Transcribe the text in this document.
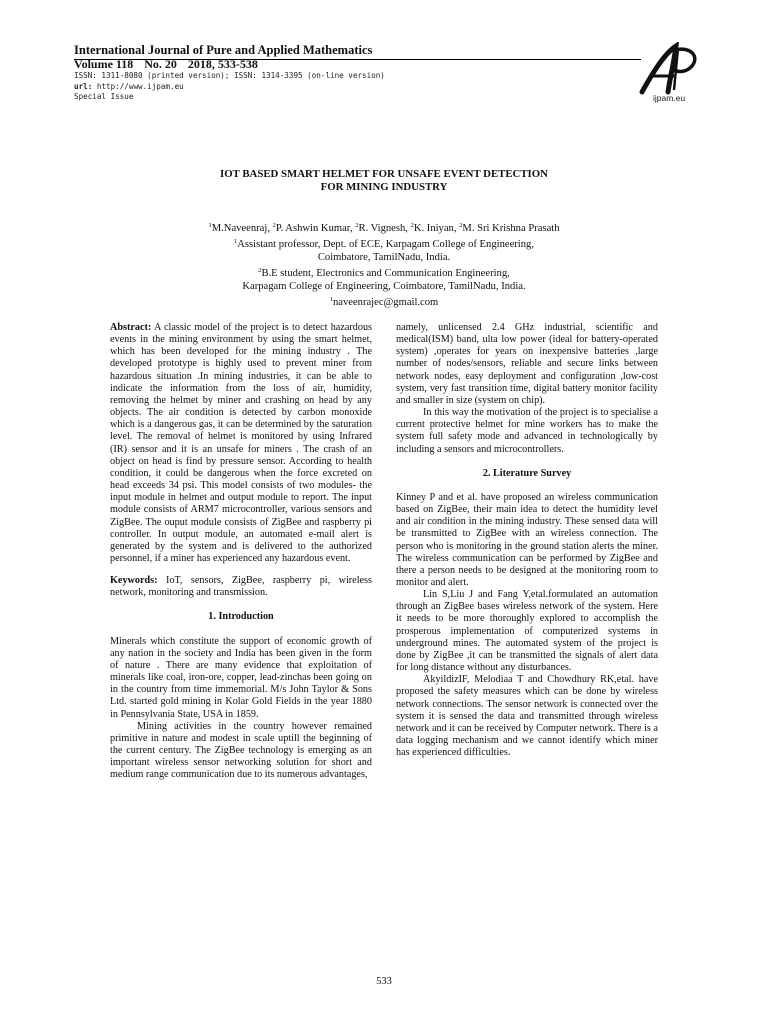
International Journal of Pure and Applied Mathematics
Volume 118 No. 20 2018, 533-538
ISSN: 1311-8080 (printed version); ISSN: 1314-3395 (on-line version)
url: http://www.ijpam.eu
Special Issue	ijpam.eu
IOT BASED SMART HELMET FOR UNSAFE EVENT DETECTION
FOR MINING INDUSTRY
$^1$M.Naveenraj, $^2$P. Ashwin Kumar, $^2$R. Vignesh, $^2$K. Iniyan, $^2$M. Sri Krishna Prasath
$^1$Assistant professor, Dept. of ECE, Karpagam College of Engineering,
Coimbatore, TamilNadu, India.
$^2$B.E student, Electronics and Communication Engineering,
Karpagam College of Engineering, Coimbatore, TamilNadu, India.
$^1$naveenrajec@gmail.com

Abstract: A classic model of the project is to detect hazardous events in the mining environment by using the smart helmet, which has been developed for the mining industry . The developed prototype is highly used to prevent miner from hazardous situation .In mining industries, it can be able to indicate the information from the loss of air, humidity, removing the helmet by miner and crashing on head by any objects. The air condition is detected by carbon monoxide which is a dangerous gas, it can be determined by the saturation level. The removal of helmet is monitored by using Infrared (IR) sensor and it is an unsafe for miners . The crash of an object on head is find by pressure sensor. According to health condition, it could be dangerous when the force excreted on head exceeds 34 psi. This model consists of two modules- the input module in helmet and output module to report. The input module consists of ARM7 microcontroller, various sensors and ZigBee. The ouput module consists of ZigBee and raspberry pi controller. In output module, an automated e-mail alert is generated by the system and is delivered to the authorized personnel, if a miner has experienced any hazardous event.

Keywords: IoT, sensors, ZigBee, raspberry pi, wireless network, monitoring and transmission.

1. Introduction

Minerals which constitute the support of economic growth of any nation in the society and India has been given in the form of nature . There are many evidence that exploitation of minerals like coal, iron-ore, copper, lead-zinchas been going on in the country from time immemorial. M/s John Taylor & Sons Ltd. started gold mining in Kolar Gold Fields in the year 1880 in Pennsylvania State, USA in 1859.

Mining activities in the country however remained primitive in nature and modest in scale uptill the beginning of the current century. The ZigBee technology is emerging as an important wireless sensor networking solution for short and medium range communication due to its numerous advantages,

namely, unlicensed 2.4 GHz industrial, scientific and medical(ISM) band, ulta low power (ideal for battery-operated system) ,operates for years on inexpensive batteries ,large number of nodes/sensors, reliable and secure links between network nodes, easy deployment and configuration ,low-cost system, very fast transition time, digital battery monitor facility and smaller in size (system on chip).

In this way the motivation of the project is to specialise a current protective helmet for mine workers has to make the system full safety mode and advanced in technologically by including a sensors and microcontrollers.

2. Literature Survey

Kinney P and et al. have proposed an wireless communication based on ZigBee, their main idea to detect the humidity level and air condition in the mining industry. These sensed data will be transmitted to ZigBee with an wireless connection. The person who is monitoring in the ground station alerts the miner. The wireless communication can be performed by ZigBee and there a person needs to be designed at the monitoring room to monitor and alert.

Lin S,Liu J and Fang Y,etal.formulated an automation through an ZigBee bases wireless network of the system. Here it needs to be more thoroughly explored to accomplish the prosperous implementation of computerized systems in underground mines. The automated system of the project is done by ZigBee ,it can be transmitted the signals of alert data for long distance without any disturbances.

AkyildizIF, Melodiaa T and Chowdhury RK,etal. have proposed the safety measures which can be done by wireless network connections. The sensor network is connected over the system it is sensed the data and transmitted through wireless network and it can be received by Computer network. There is a data logging mechanism and we cannot identify which miner has experienced difficulties.

533
